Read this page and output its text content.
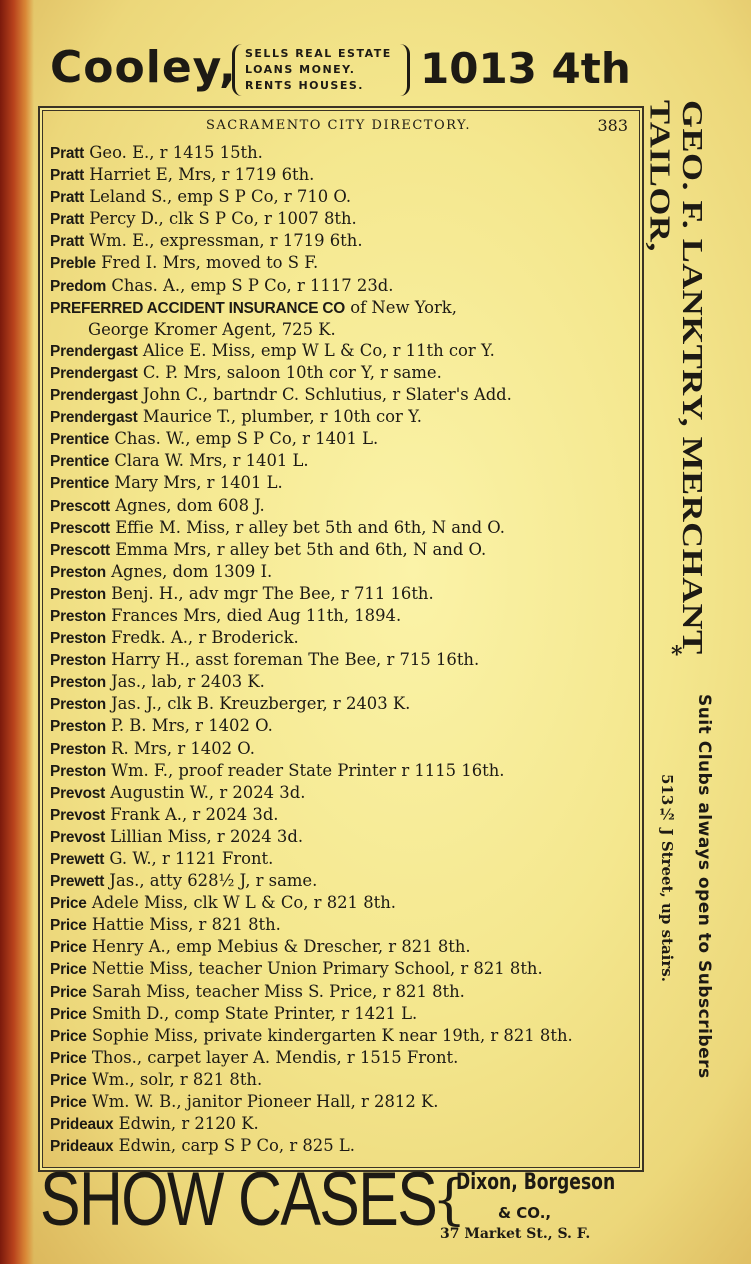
Cooley, SELLS REAL ESTATE
LOANS MONEY.
RENTS HOUSES.	1013 4th
SACRAMENTO CITY DIRECTORY.	383
Pratt Geo. E., r 1415 15th.
Pratt Harriet E, Mrs, r 1719 6th.
Pratt Leland S., emp S P Co, r 710 O.
Pratt Percy D., clk S P Co, r 1007 8th.
Pratt Wm. E., expressman, r 1719 6th.
Preble Fred I. Mrs, moved to S F.
Predom Chas. A., emp S P Co, r 1117 23d.
PREFERRED ACCIDENT INSURANCE CO of New York,
George Kromer Agent, 725 K.
Prendergast Alice E. Miss, emp W L & Co, r 11th cor Y.
Prendergast C. P. Mrs, saloon 10th cor Y, r same.
Prendergast John C., bartndr C. Schlutius, r Slater's Add.
Prendergast Maurice T., plumber, r 10th cor Y.
Prentice Chas. W., emp S P Co, r 1401 L.
Prentice Clara W. Mrs, r 1401 L.
Prentice Mary Mrs, r 1401 L.
Prescott Agnes, dom 608 J.
Prescott Effie M. Miss, r alley bet 5th and 6th, N and O.
Prescott Emma Mrs, r alley bet 5th and 6th, N and O.
Preston Agnes, dom 1309 I.
Preston Benj. H., adv mgr The Bee, r 711 16th.
Preston Frances Mrs, died Aug 11th, 1894.
Preston Fredk. A., r Broderick.
Preston Harry H., asst foreman The Bee, r 715 16th.
Preston Jas., lab, r 2403 K.
Preston Jas. J., clk B. Kreuzberger, r 2403 K.
Preston P. B. Mrs, r 1402 O.
Preston R. Mrs, r 1402 O.
Preston Wm. F., proof reader State Printer r 1115 16th.
Prevost Augustin W., r 2024 3d.
Prevost Frank A., r 2024 3d.
Prevost Lillian Miss, r 2024 3d.
Prewett G. W., r 1121 Front.
Prewett Jas., atty 628½ J, r same.
Price Adele Miss, clk W L & Co, r 821 8th.
Price Hattie Miss, r 821 8th.
Price Henry A., emp Mebius & Drescher, r 821 8th.
Price Nettie Miss, teacher Union Primary School, r 821 8th.
Price Sarah Miss, teacher Miss S. Price, r 821 8th.
Price Smith D., comp State Printer, r 1421 L.
Price Sophie Miss, private kindergarten K near 19th, r 821 8th.
Price Thos., carpet layer A. Mendis, r 1515 Front.
Price Wm., solr, r 821 8th.
Price Wm. W. B., janitor Pioneer Hall, r 2812 K.
Prideaux Edwin, r 2120 K.
Prideaux Edwin, carp S P Co, r 825 L.
GEO. F. LANKTRY, MERCHANT TAILOR,
*
Suit Clubs always open to Subscribers
513½ J Street, up stairs.
SHOW CASES
{
Dixon, Borgeson
& CO.,
37 Market St., S. F.
